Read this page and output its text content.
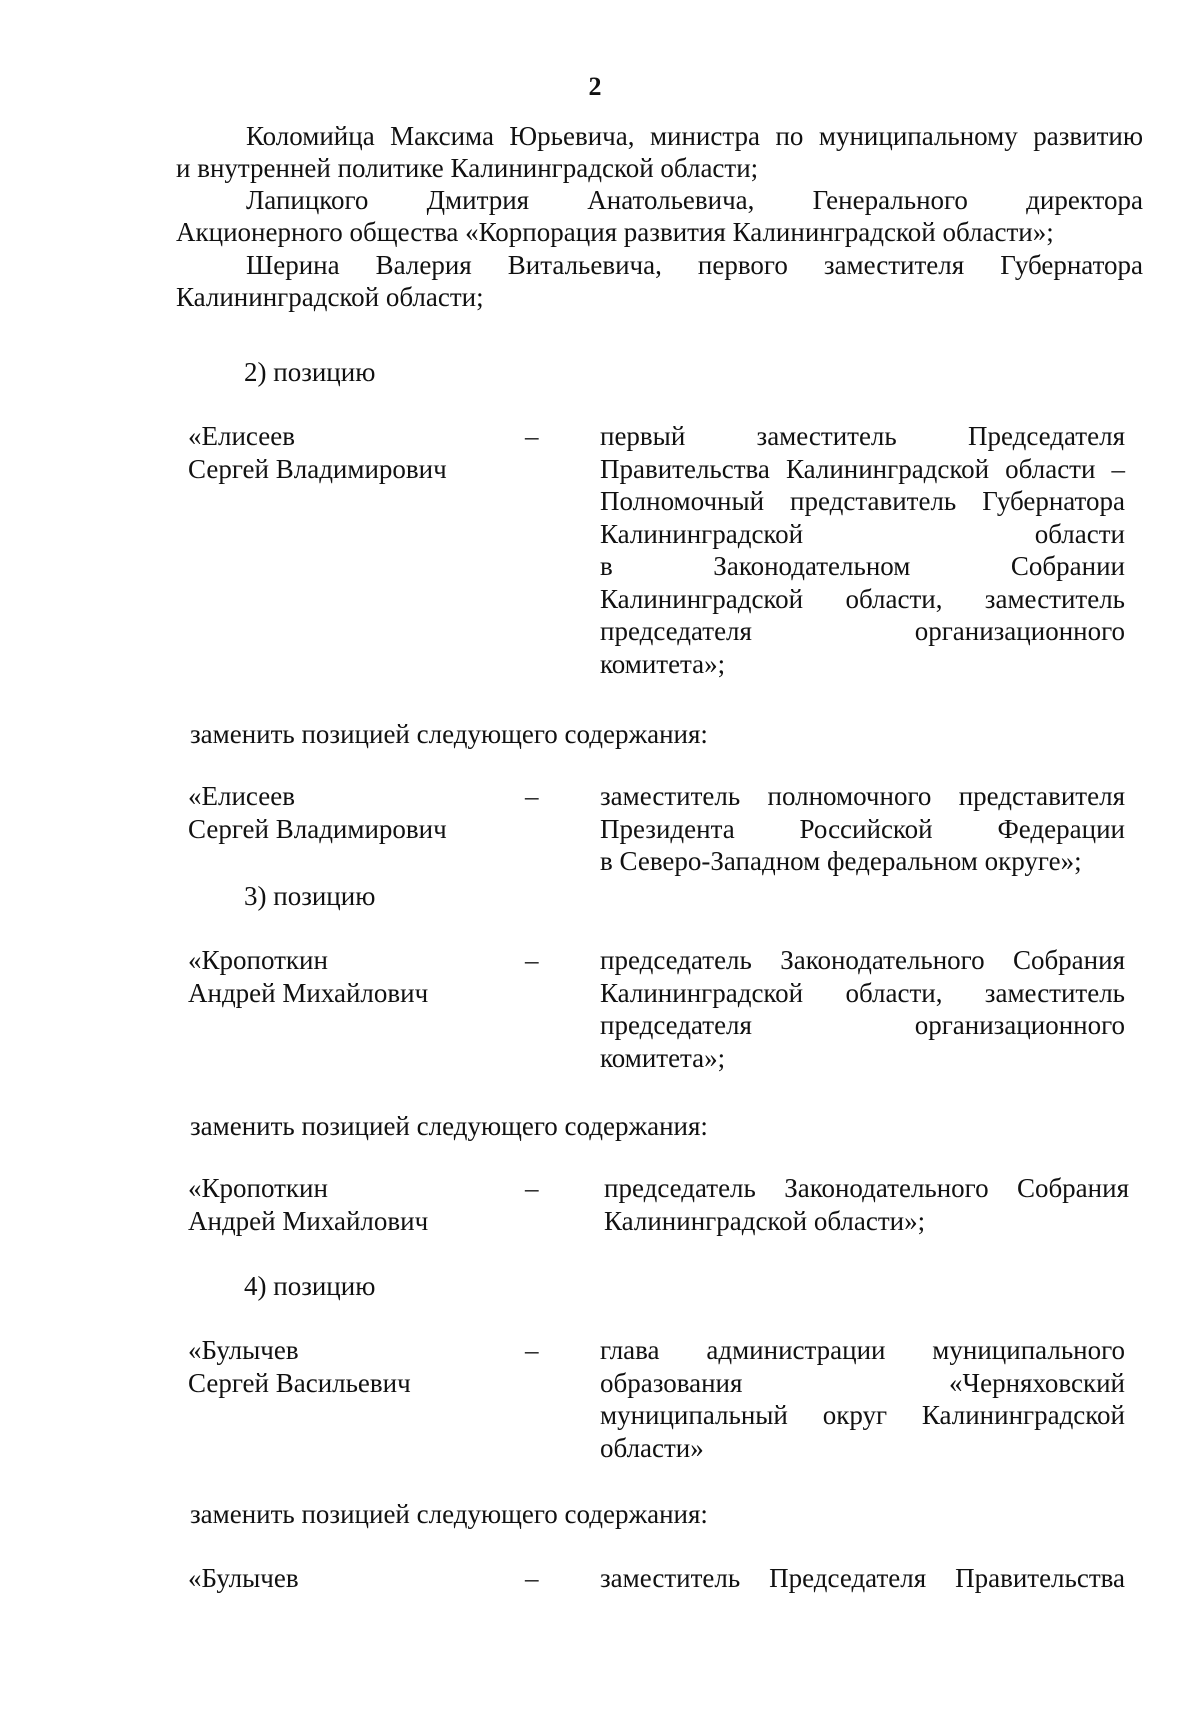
2
Коломийца Максима Юрьевича, министра по муниципальному развитию
и внутренней политике Калининградской области;
Лапицкого Дмитрия Анатольевича, Генерального директора
Акционерного общества «Корпорация развития Калининградской области»;
Шерина Валерия Витальевича, первого заместителя Губернатора
Калининградской области;
2) позицию
«Елисеев
Сергей Владимирович
– первый заместитель Председателя
Правительства Калининградской области –
Полномочный представитель Губернатора
Калининградской области
в Законодательном Собрании
Калининградской области, заместитель
председателя организационного
комитета»;
заменить позицией следующего содержания:
«Елисеев
Сергей Владимирович
– заместитель полномочного представителя
Президента Российской Федерации
в Северо-Западном федеральном округе»;
3) позицию
«Кропоткин
Андрей Михайлович
– председатель Законодательного Собрания
Калининградской области, заместитель
председателя организационного
комитета»;
заменить позицией следующего содержания:
«Кропоткин
Андрей Михайлович
– председатель Законодательного Собрания
Калининградской области»;
4) позицию
«Булычев
Сергей Васильевич
– глава администрации муниципального
образования «Черняховский
муниципальный округ Калининградской
области»
заменить позицией следующего содержания:
«Булычев	– заместитель Председателя Правительства
